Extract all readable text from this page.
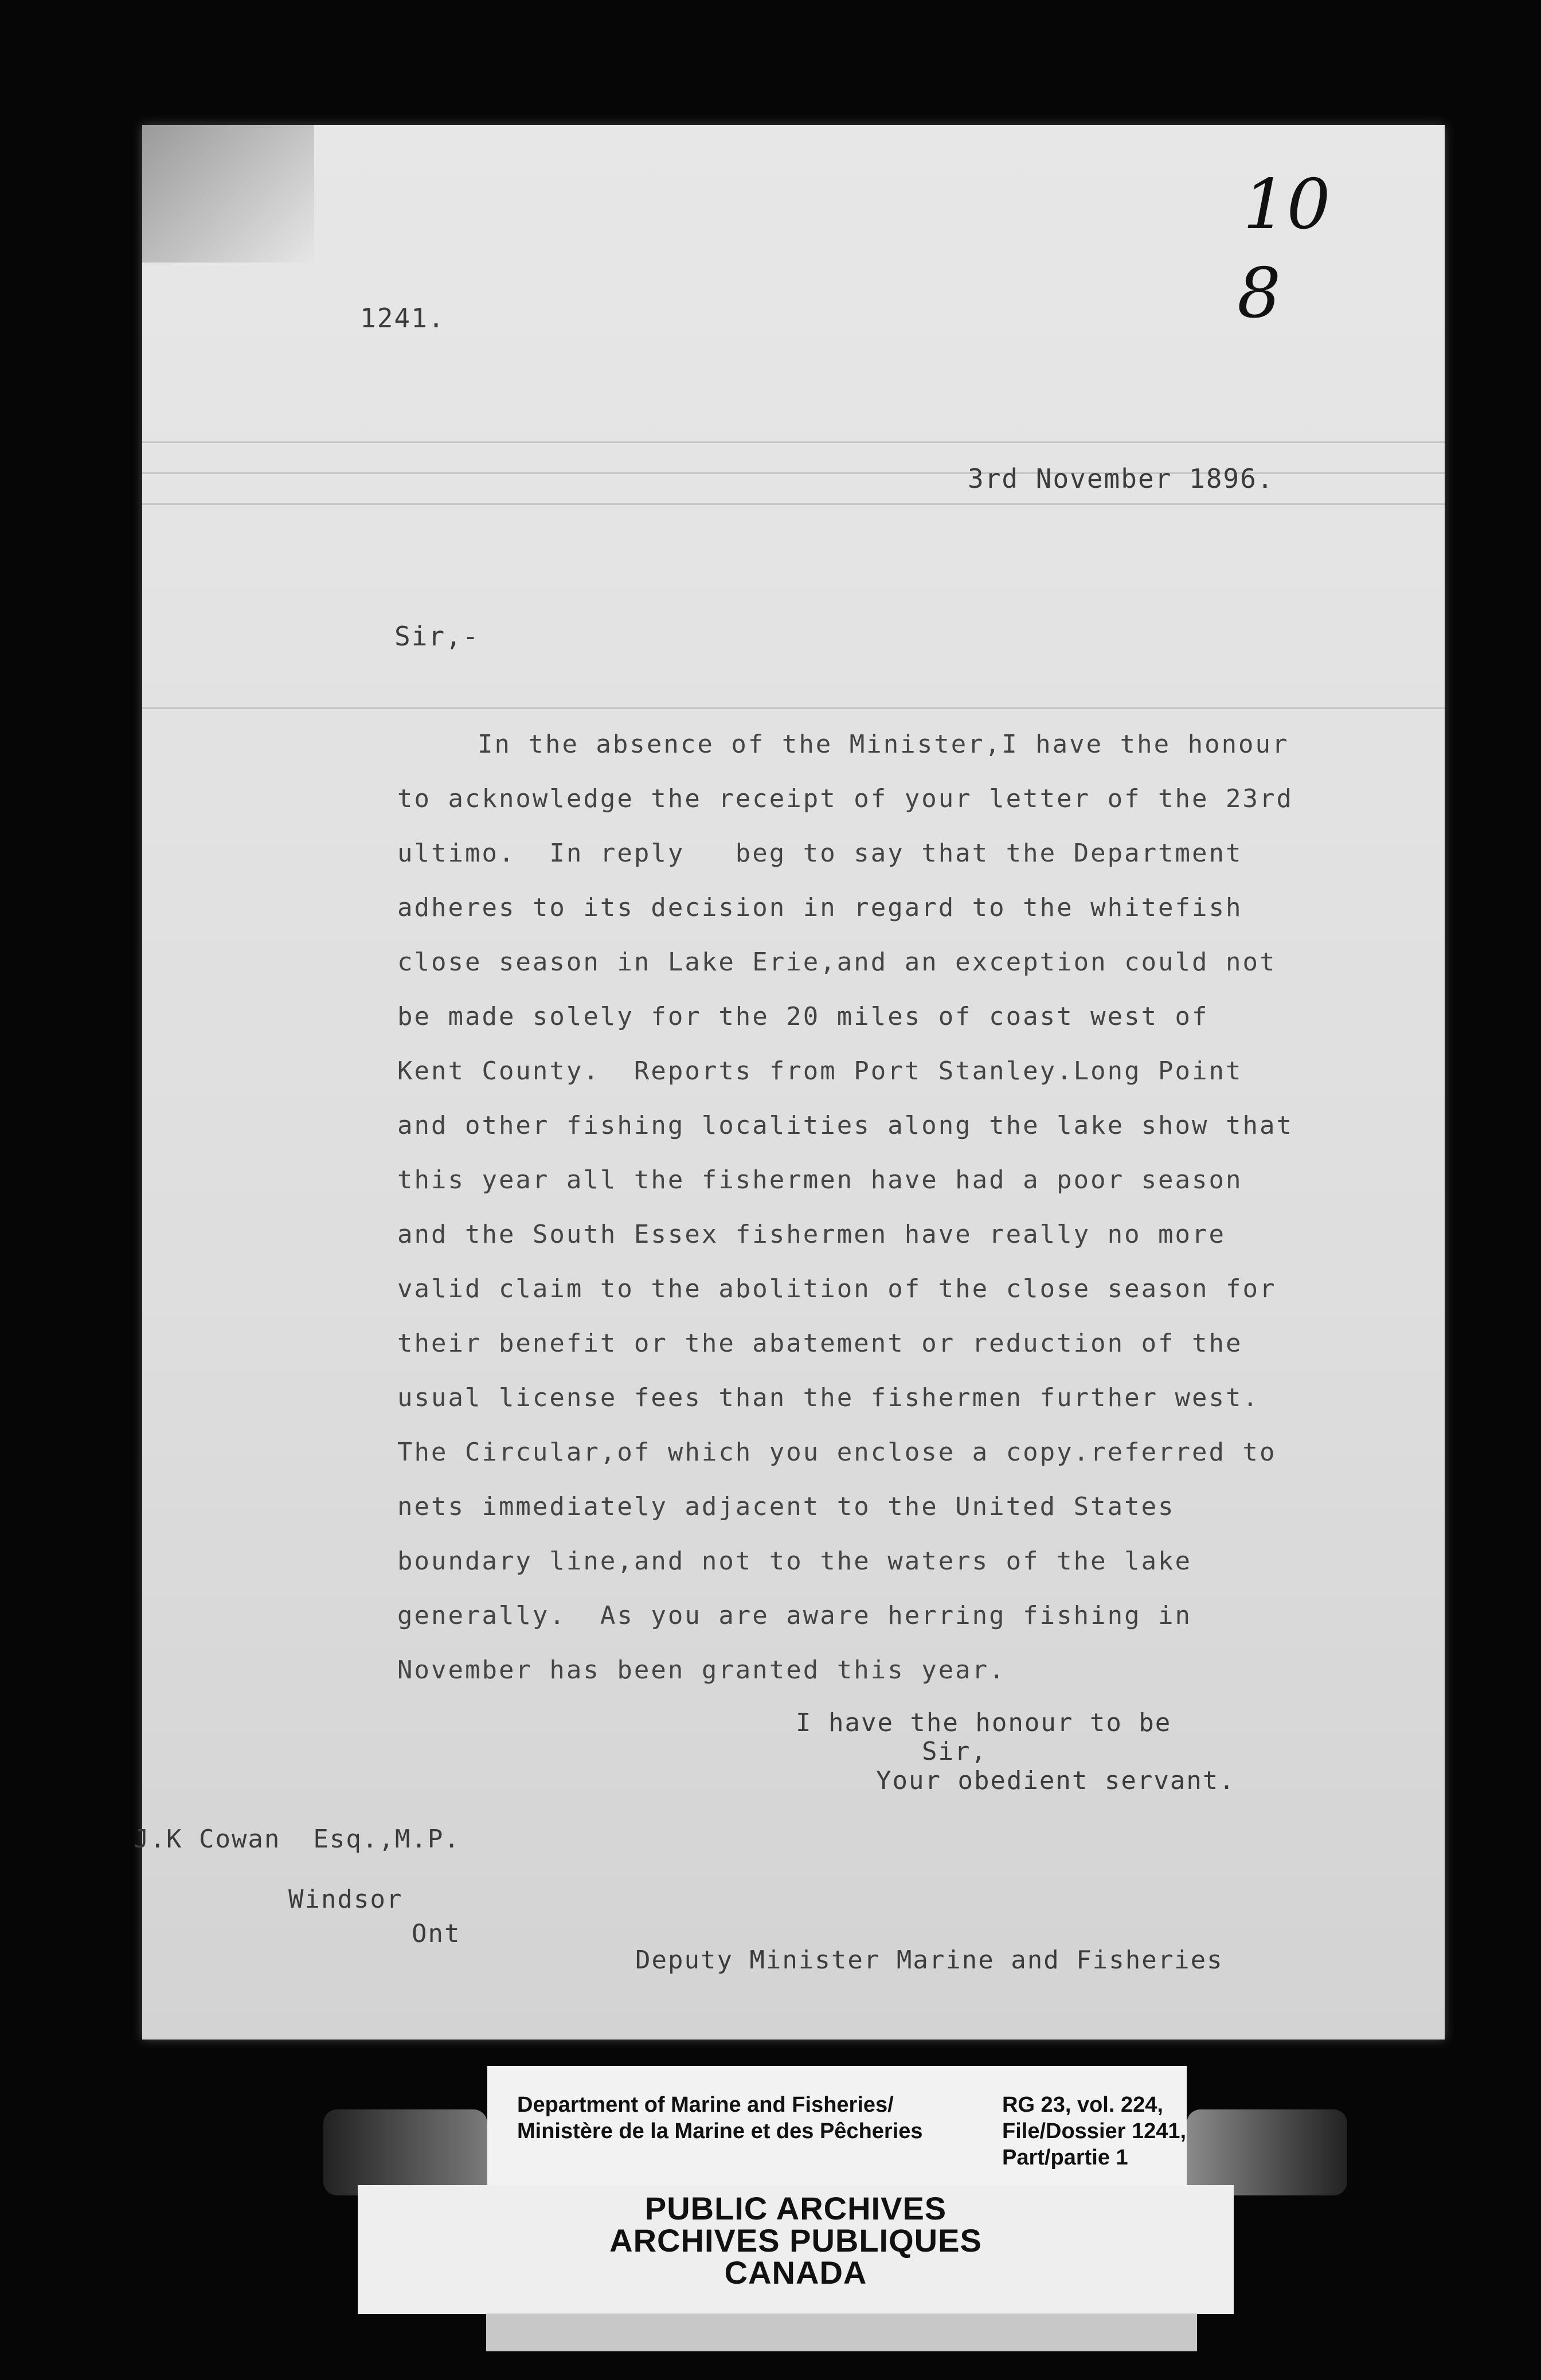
1241.
3rd November 1896.
Sir,-
In the absence of the Minister,I have the honour
to acknowledge the receipt of your letter of the 23rd
ultimo.  In reply   beg to say that the Department
adheres to its decision in regard to the whitefish
close season in Lake Erie,and an exception could not
be made solely for the 20 miles of coast west of
Kent County.  Reports from Port Stanley.Long Point
and other fishing localities along the lake show that
this year all the fishermen have had a poor season
and the South Essex fishermen have really no more
valid claim to the abolition of the close season for
their benefit or the abatement or reduction of the
usual license fees than the fishermen further west.
The Circular,of which you enclose a copy.referred to
nets immediately adjacent to the United States
boundary line,and not to the waters of the lake
generally.  As you are aware herring fishing in
November has been granted this year.
I have the honour to be
Sir,
Your obedient servant.
J.K Cowan  Esq.,M.P.
Windsor
Ont
Deputy Minister Marine and Fisheries
10
8
Department of Marine and Fisheries/
Ministère de la Marine et des Pêcheries
RG 23, vol. 224,
File/Dossier 1241,
Part/partie 1
PUBLIC ARCHIVES
ARCHIVES PUBLIQUES
CANADA
